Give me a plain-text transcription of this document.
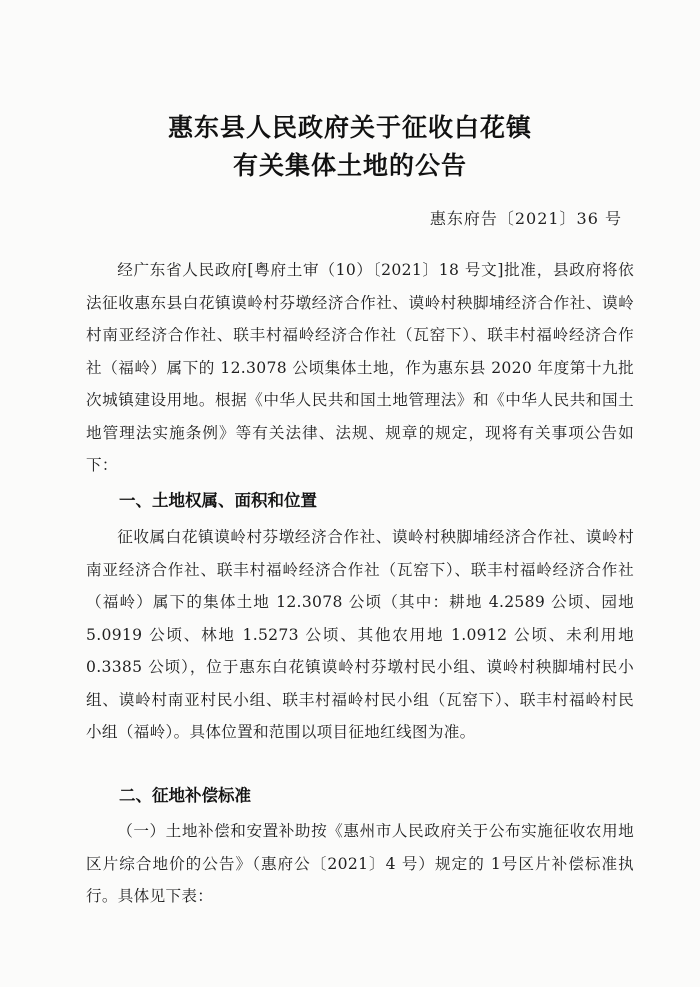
惠东县人民政府关于征收白花镇
有关集体土地的公告
惠东府告〔2021〕36 号

经广东省人民政府[粤府土审（10）〔2021〕18 号文]批准，县政府将依法征收惠东县白花镇谟岭村芬墩经济合作社、谟岭村秧脚埔经济合作社、谟岭村南亚经济合作社、联丰村福岭经济合作社（瓦窑下）、联丰村福岭经济合作社（福岭）属下的 12.3078 公顷集体土地，作为惠东县 2020 年度第十九批次城镇建设用地。根据《中华人民共和国土地管理法》和《中华人民共和国土地管理法实施条例》等有关法律、法规、规章的规定，现将有关事项公告如下：

一、土地权属、面积和位置

征收属白花镇谟岭村芬墩经济合作社、谟岭村秧脚埔经济合作社、谟岭村南亚经济合作社、联丰村福岭经济合作社（瓦窑下）、联丰村福岭经济合作社（福岭）属下的集体土地 12.3078 公顷（其中：耕地 4.2589 公顷、园地 5.0919 公顷、林地 1.5273 公顷、其他农用地 1.0912 公顷、未利用地 0.3385 公顷），位于惠东白花镇谟岭村芬墩村民小组、谟岭村秧脚埔村民小组、谟岭村南亚村民小组、联丰村福岭村民小组（瓦窑下）、联丰村福岭村民小组（福岭）。具体位置和范围以项目征地红线图为准。

二、征地补偿标准

（一）土地补偿和安置补助按《惠州市人民政府关于公布实施征收农用地区片综合地价的公告》（惠府公〔2021〕4 号）规定的 1号区片补偿标准执行。具体见下表：
